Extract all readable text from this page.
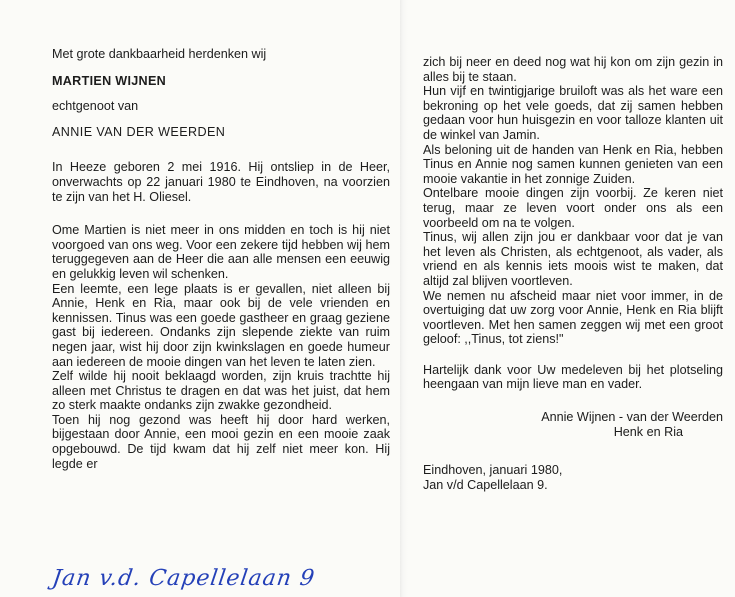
Met grote dankbaarheid herdenken wij

MARTIEN WIJNEN

echtgenoot van

ANNIE VAN DER WEERDEN

In Heeze geboren 2 mei 1916. Hij ontsliep in de Heer, onverwachts op 22 januari 1980 te Eindhoven, na voorzien te zijn van het H. Oliesel.

Ome Martien is niet meer in ons midden en toch is hij niet voorgoed van ons weg. Voor een zekere tijd hebben wij hem teruggegeven aan de Heer die aan alle mensen een eeuwig en gelukkig leven wil schenken.

Een leemte, een lege plaats is er gevallen, niet alleen bij Annie, Henk en Ria, maar ook bij de vele vrienden en kennissen. Tinus was een goede gastheer en graag geziene gast bij iedereen. Ondanks zijn slepende ziekte van ruim negen jaar, wist hij door zijn kwinkslagen en goede humeur aan iedereen de mooie dingen van het leven te laten zien.

Zelf wilde hij nooit beklaagd worden, zijn kruis trachtte hij alleen met Christus te dragen en dat was het juist, dat hem zo sterk maakte ondanks zijn zwakke gezondheid.

Toen hij nog gezond was heeft hij door hard werken, bijgestaan door Annie, een mooi gezin en een mooie zaak opgebouwd. De tijd kwam dat hij zelf niet meer kon. Hij legde er

zich bij neer en deed nog wat hij kon om zijn gezin in alles bij te staan.

Hun vijf en twintigjarige bruiloft was als het ware een bekroning op het vele goeds, dat zij samen hebben gedaan voor hun huisgezin en voor talloze klanten uit de winkel van Jamin.

Als beloning uit de handen van Henk en Ria, hebben Tinus en Annie nog samen kunnen genieten van een mooie vakantie in het zonnige Zuiden.

Ontelbare mooie dingen zijn voorbij. Ze keren niet terug, maar ze leven voort onder ons als een voorbeeld om na te volgen.

Tinus, wij allen zijn jou er dankbaar voor dat je van het leven als Christen, als echtgenoot, als vader, als vriend en als kennis iets moois wist te maken, dat altijd zal blijven voortleven.

We nemen nu afscheid maar niet voor immer, in de overtuiging dat uw zorg voor Annie, Henk en Ria blijft voortleven. Met hen samen zeggen wij met een groot geloof: ,,Tinus, tot ziens!"

Hartelijk dank voor Uw medeleven bij het plotseling heengaan van mijn lieve man en vader.

Annie Wijnen - van der Weerden

Henk en Ria

Eindhoven, januari 1980,

Jan v/d Capellelaan 9.

Jan v.d. Capellelaan 9
